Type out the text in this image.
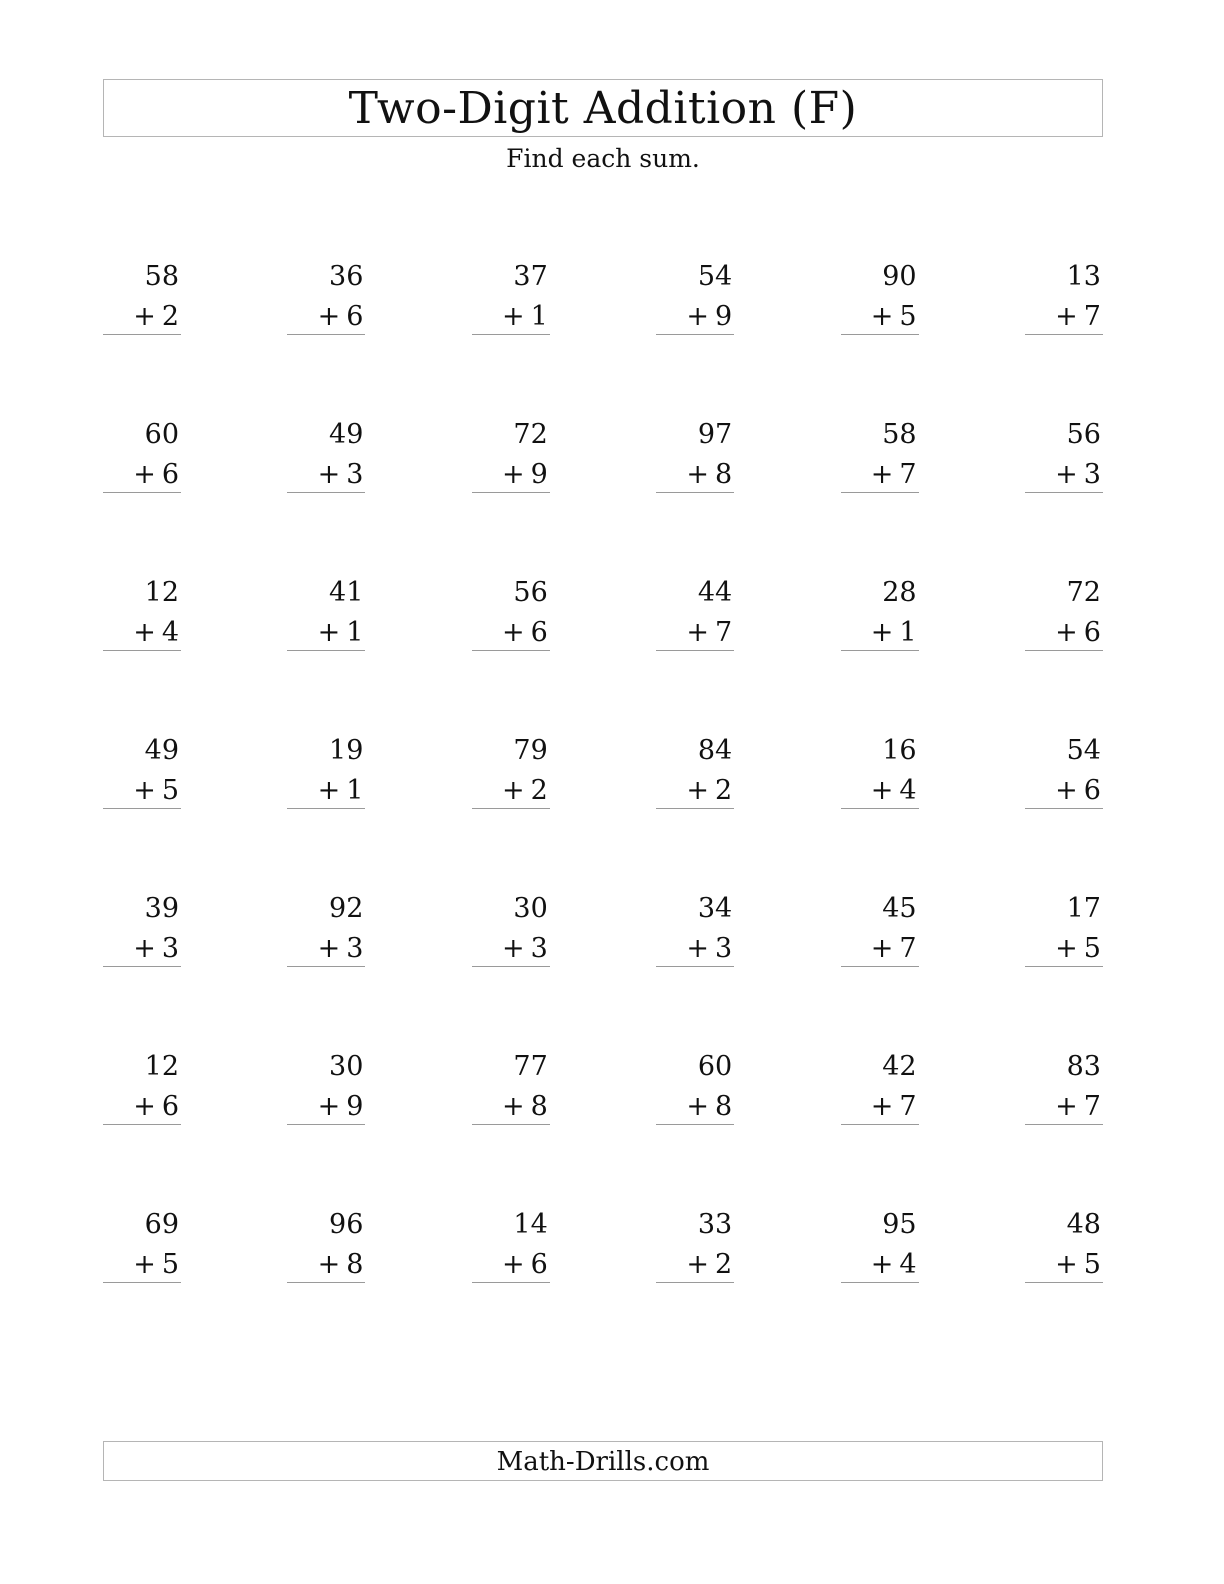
Two-Digit Addition (F)
Find each sum.
58
+ 2
36
+ 6
37
+ 1
54
+ 9
90
+ 5
13
+ 7
60
+ 6
49
+ 3
72
+ 9
97
+ 8
58
+ 7
56
+ 3
12
+ 4
41
+ 1
56
+ 6
44
+ 7
28
+ 1
72
+ 6
49
+ 5
19
+ 1
79
+ 2
84
+ 2
16
+ 4
54
+ 6
39
+ 3
92
+ 3
30
+ 3
34
+ 3
45
+ 7
17
+ 5
12
+ 6
30
+ 9
77
+ 8
60
+ 8
42
+ 7
83
+ 7
69
+ 5
96
+ 8
14
+ 6
33
+ 2
95
+ 4
48
+ 5
Math-Drills.com
